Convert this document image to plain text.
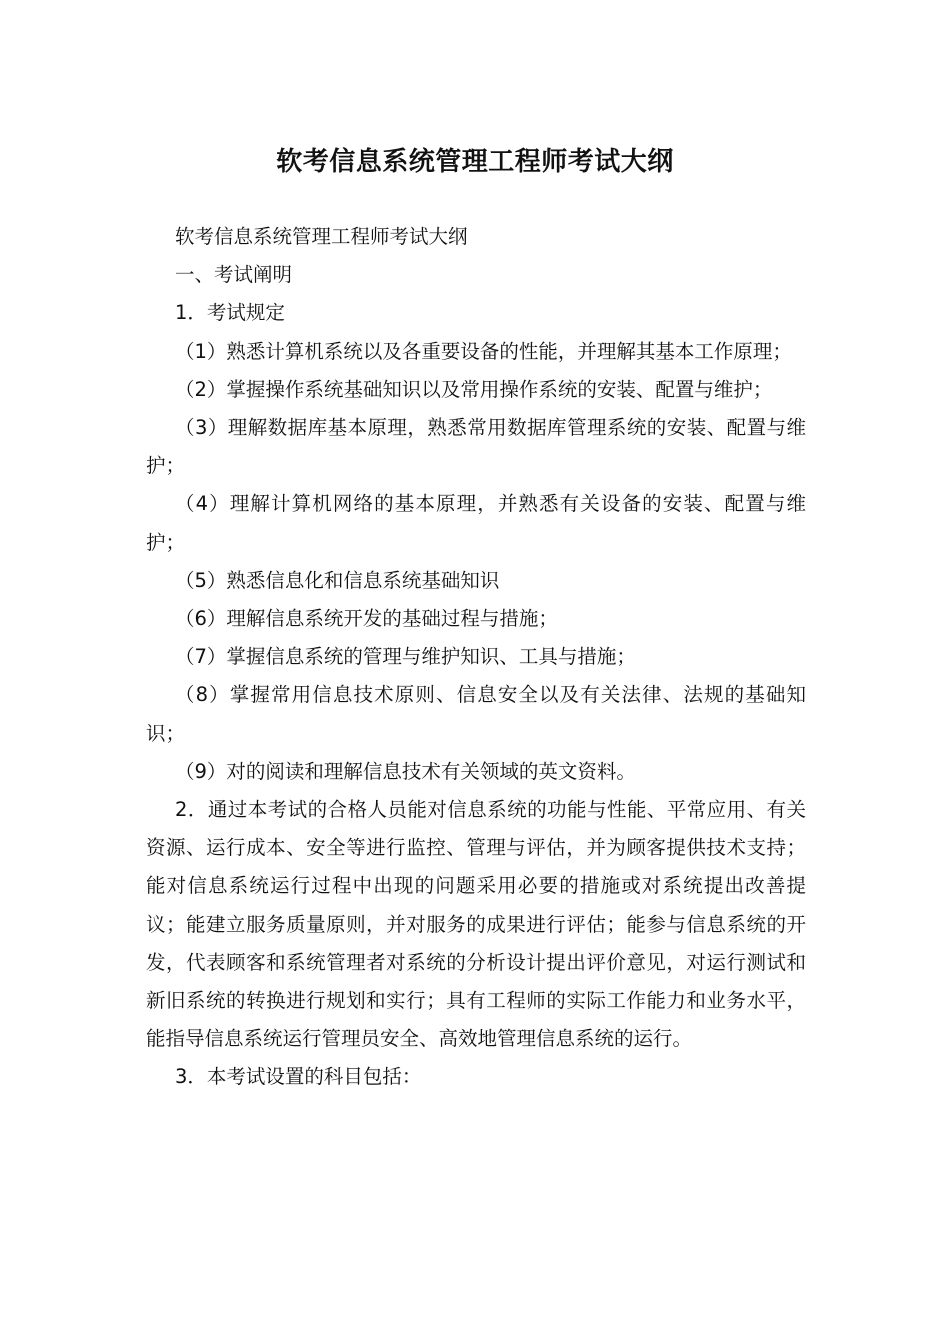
软考信息系统管理工程师考试大纲

软考信息系统管理工程师考试大纲

一、考试阐明

1．考试规定

（1）熟悉计算机系统以及各重要设备的性能，并理解其基本工作原理；

（2）掌握操作系统基础知识以及常用操作系统的安装、配置与维护；

（3）理解数据库基本原理，熟悉常用数据库管理系统的安装、配置与维护；

（4）理解计算机网络的基本原理，并熟悉有关设备的安装、配置与维护；

（5）熟悉信息化和信息系统基础知识

（6）理解信息系统开发的基础过程与措施；

（7）掌握信息系统的管理与维护知识、工具与措施；

（8）掌握常用信息技术原则、信息安全以及有关法律、法规的基础知识；

（9）对的阅读和理解信息技术有关领域的英文资料。

2．通过本考试的合格人员能对信息系统的功能与性能、平常应用、有关资源、运行成本、安全等进行监控、管理与评估，并为顾客提供技术支持；能对信息系统运行过程中出现的问题采用必要的措施或对系统提出改善提议；能建立服务质量原则，并对服务的成果进行评估；能参与信息系统的开发，代表顾客和系统管理者对系统的分析设计提出评价意见，对运行测试和新旧系统的转换进行规划和实行；具有工程师的实际工作能力和业务水平，能指导信息系统运行管理员安全、高效地管理信息系统的运行。

3．本考试设置的科目包括：
